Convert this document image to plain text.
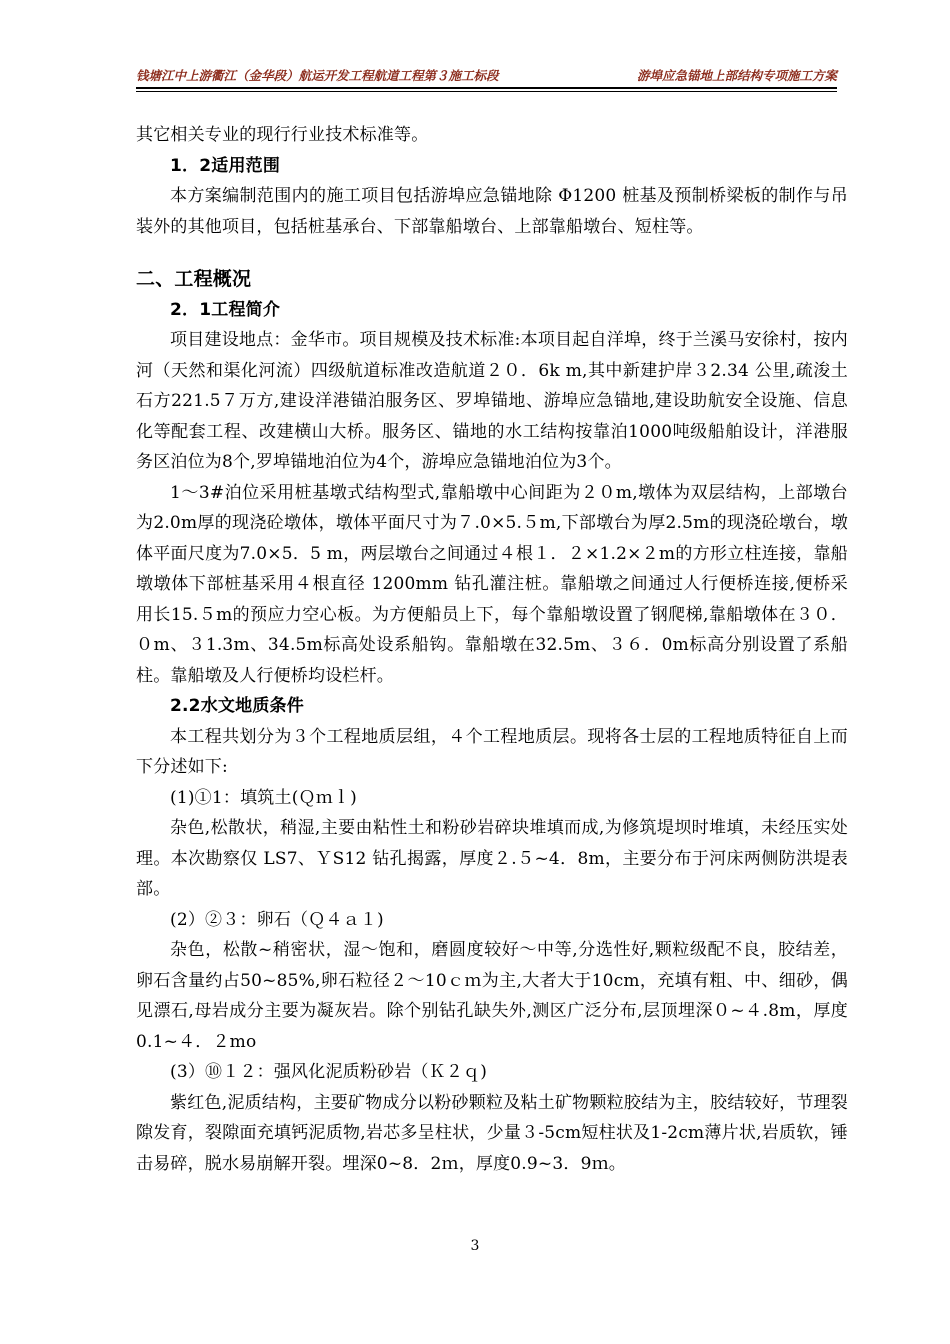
钱塘江中上游衢江（金华段）航运开发工程航道工程第３施工标段	游埠应急锚地上部结构专项施工方案

其它相关专业的现行行业技术标准等。

1．2适用范围

本方案编制范围内的施工项目包括游埠应急锚地除 Φ1200 桩基及预制桥梁板的制作与吊装外的其他项目，包括桩基承台、下部靠船墩台、上部靠船墩台、短柱等。

二、工程概况

2．1工程简介

项目建设地点：金华市。项目规模及技术标准:本项目起自洋埠，终于兰溪马安徐村，按内河（天然和渠化河流）四级航道标准改造航道２０．6k m,其中新建护岸３2.34 公里,疏浚土石方221.5７万方,建设洋港锚泊服务区、罗埠锚地、游埠应急锚地,建设助航安全设施、信息化等配套工程、改建横山大桥。服务区、锚地的水工结构按靠泊1000吨级船舶设计，洋港服务区泊位为8个,罗埠锚地泊位为4个，游埠应急锚地泊位为3个。

1～3#泊位采用桩基墩式结构型式,靠船墩中心间距为２０m,墩体为双层结构，上部墩台为2.0m厚的现浇砼墩体，墩体平面尺寸为７.0×5.５m,下部墩台为厚2.5m的现浇砼墩台，墩体平面尺度为7.0×5．5 m，两层墩台之间通过４根１．２×1.2×２m的方形立柱连接，靠船墩墩体下部桩基采用４根直径 1200mm 钻孔灌注桩。靠船墩之间通过人行便桥连接,便桥采用长15.５m的预应力空心板。为方便船员上下，每个靠船墩设置了钢爬梯,靠船墩体在３０．０m、３1.3m、34.5m标高处设系船钩。靠船墩在32.5m、３６．0m标高分别设置了系船柱。靠船墩及人行便桥均设栏杆。

2.2水文地质条件

本工程共划分为３个工程地质层组，４个工程地质层。现将各士层的工程地质特征自上而下分述如下:

(1)①1：填筑土(Ｑｍｌ)

杂色,松散状，稍湿,主要由粘性土和粉砂岩碎块堆填而成,为修筑堤坝时堆填，未经压实处理。本次勘察仅 LS7、ＹS12 钻孔揭露，厚度２.５~4．8m，主要分布于河床两侧防洪堤表部。

(2）②３：卵石（Ｑ４ａ１)

杂色，松散~稍密状，湿～饱和，磨圆度较好～中等,分选性好,颗粒级配不良，胶结差，卵石含量约占50~85%,卵石粒径２～10ｃｍ为主,大者大于10cm，充填有粗、中、细砂，偶见漂石,母岩成分主要为凝灰岩。除个别钻孔缺失外,测区广泛分布,层顶埋深０~４.8m，厚度0.1~４．２mo

(3）⑩１２：强风化泥质粉砂岩（Ｋ２ｑ)

紫红色,泥质结构，主要矿物成分以粉砂颗粒及粘土矿物颗粒胶结为主，胶结较好，节理裂隙发育，裂隙面充填钙泥质物,岩芯多呈柱状，少量３-5cm短柱状及1-2cm薄片状,岩质软，锤击易碎，脱水易崩解开裂。埋深0~8．2ｍ，厚度0.9~3．9ｍ。

3
